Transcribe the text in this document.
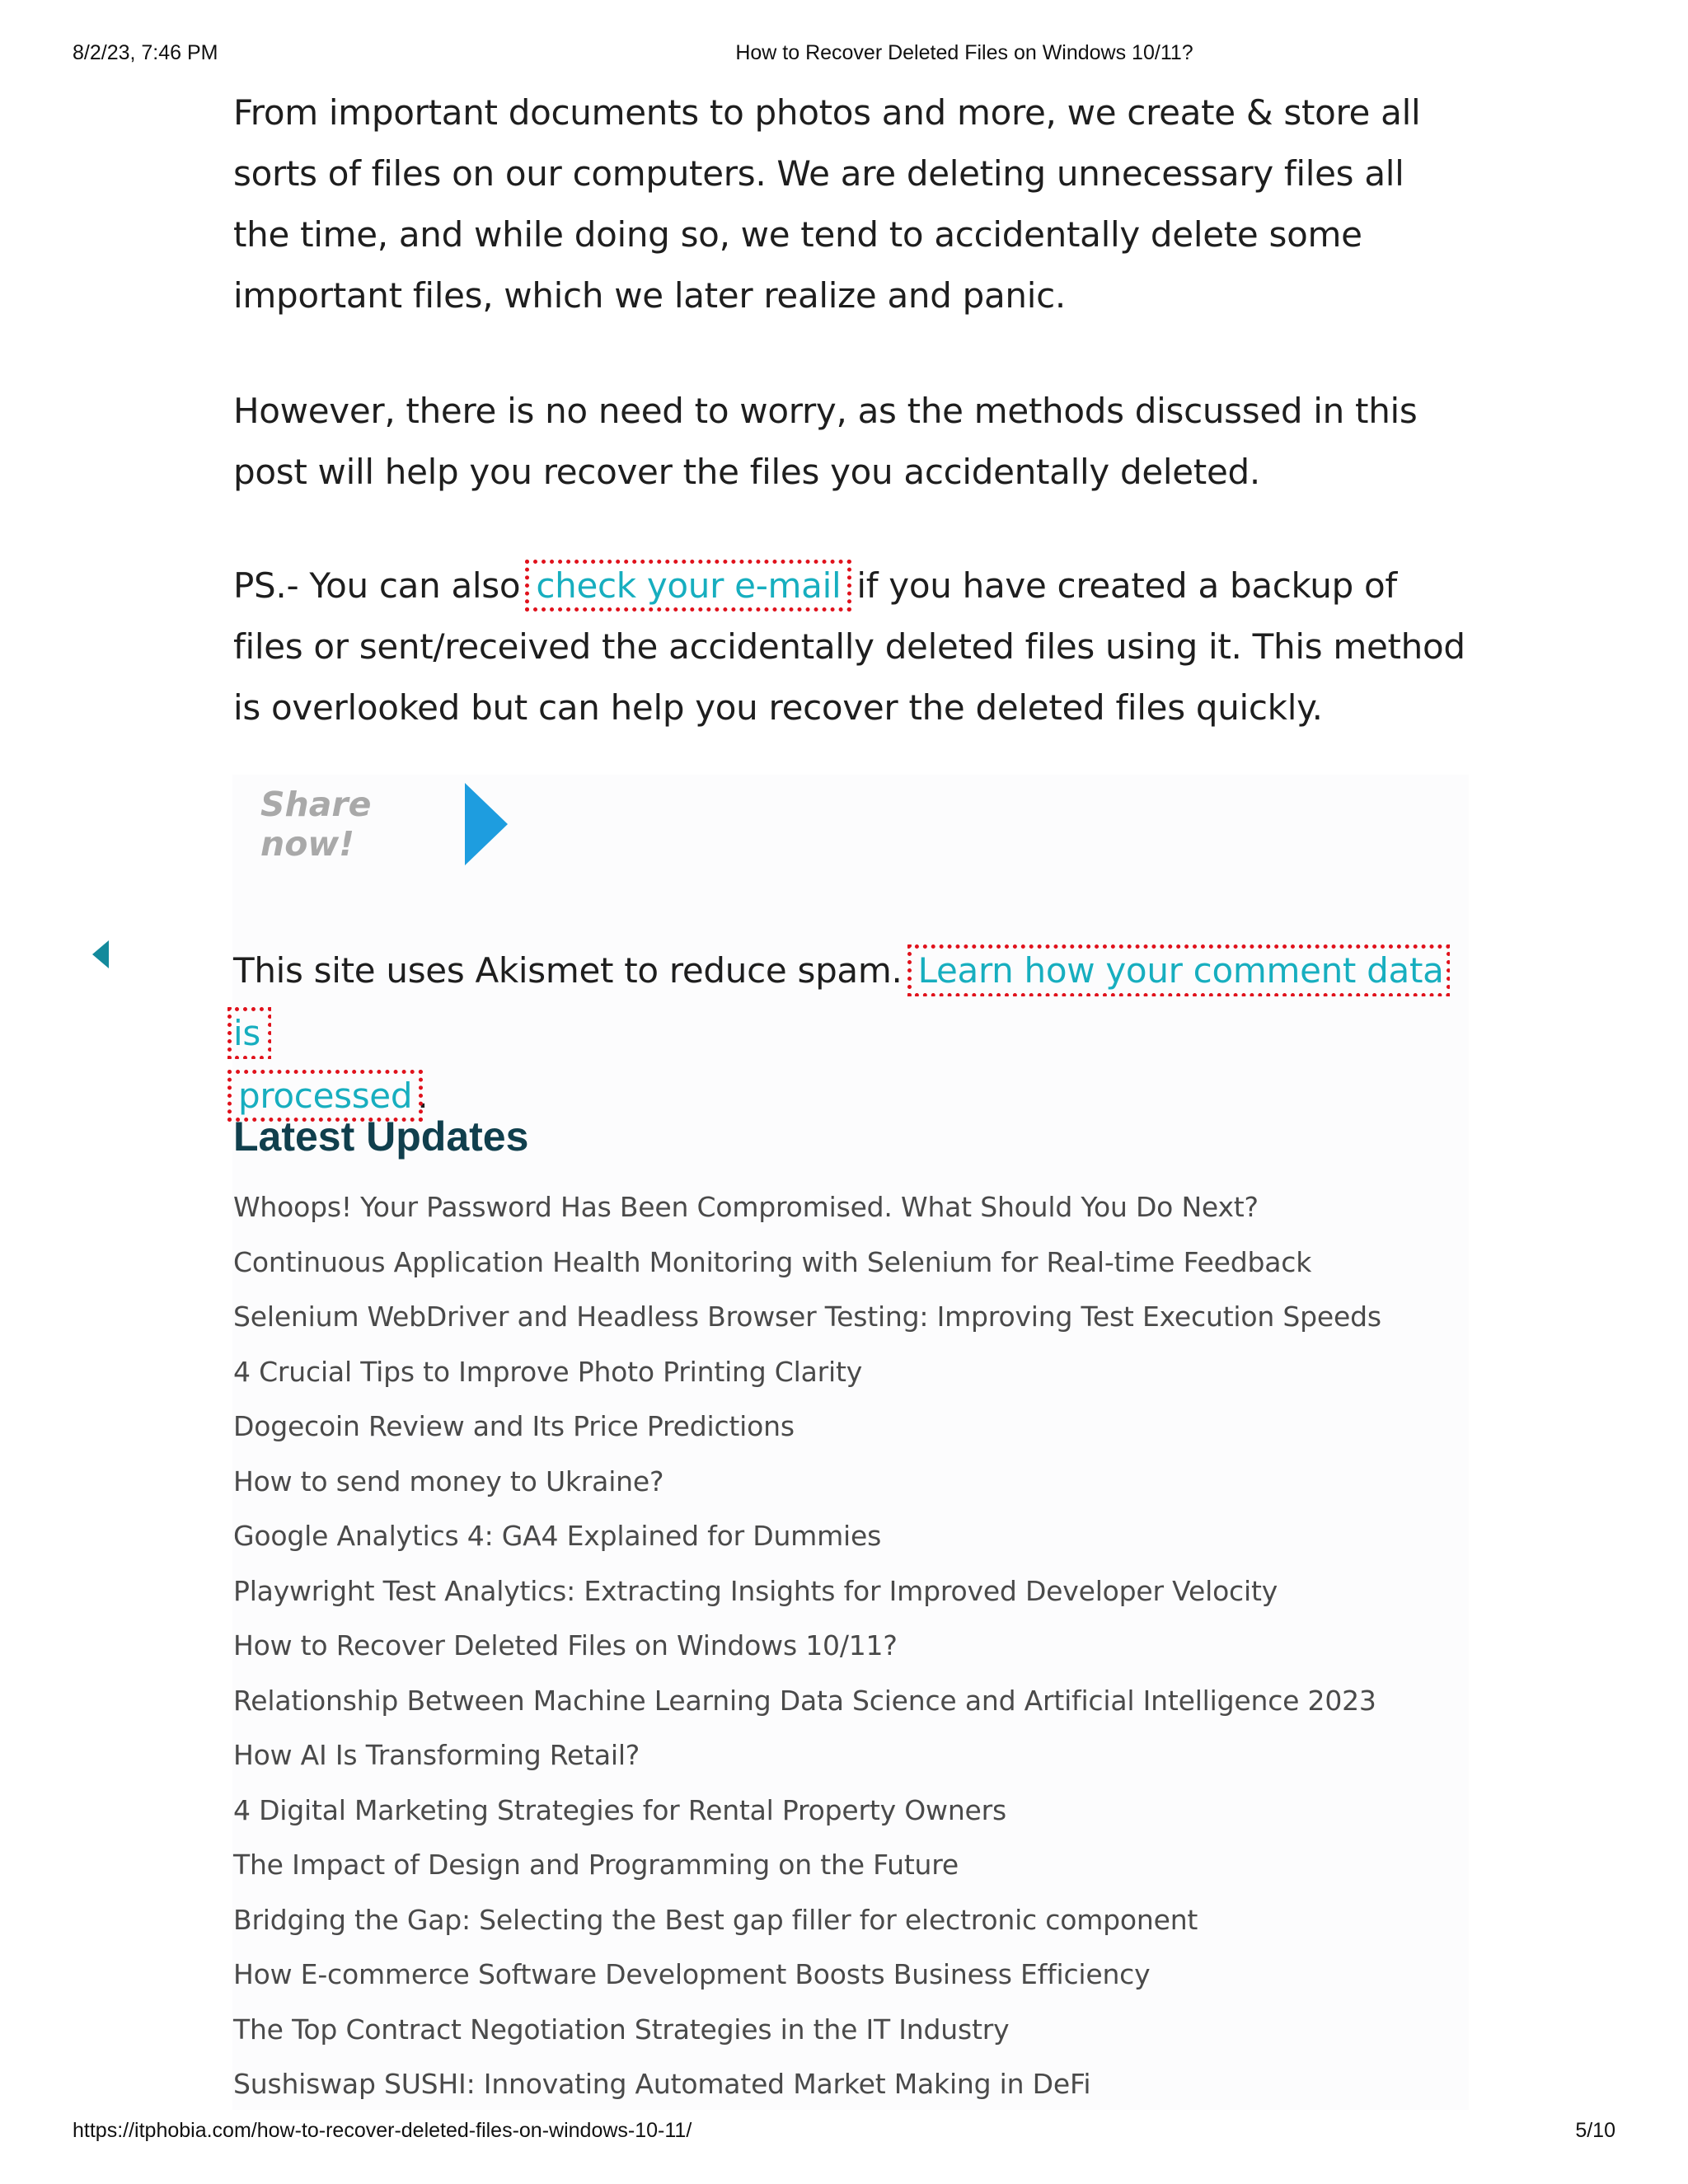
8/2/23, 7:46 PM	How to Recover Deleted Files on Windows 10/11?

From important documents to photos and more, we create & store all sorts of files on our computers. We are deleting unnecessary files all the time, and while doing so, we tend to accidentally delete some important files, which we later realize and panic.

However, there is no need to worry, as the methods discussed in this post will help you recover the files you accidentally deleted.

PS.- You can also check your e-mail if you have created a backup of files or sent/received the accidentally deleted files using it. This method is overlooked but can help you recover the deleted files quickly.

Share now!

This site uses Akismet to reduce spam. Learn how your comment data is
processed .

Latest Updates
Whoops! Your Password Has Been Compromised. What Should You Do Next?
Continuous Application Health Monitoring with Selenium for Real-time Feedback
Selenium WebDriver and Headless Browser Testing: Improving Test Execution Speeds
4 Crucial Tips to Improve Photo Printing Clarity
Dogecoin Review and Its Price Predictions
How to send money to Ukraine?
Google Analytics 4: GA4 Explained for Dummies
Playwright Test Analytics: Extracting Insights for Improved Developer Velocity
How to Recover Deleted Files on Windows 10/11?
Relationship Between Machine Learning Data Science and Artificial Intelligence 2023
How AI Is Transforming Retail?
4 Digital Marketing Strategies for Rental Property Owners
The Impact of Design and Programming on the Future
Bridging the Gap: Selecting the Best gap filler for electronic component
How E-commerce Software Development Boosts Business Efficiency
The Top Contract Negotiation Strategies in the IT Industry
Sushiswap SUSHI: Innovating Automated Market Making in DeFi
https://itphobia.com/how-to-recover-deleted-files-on-windows-10-11/	5/10
